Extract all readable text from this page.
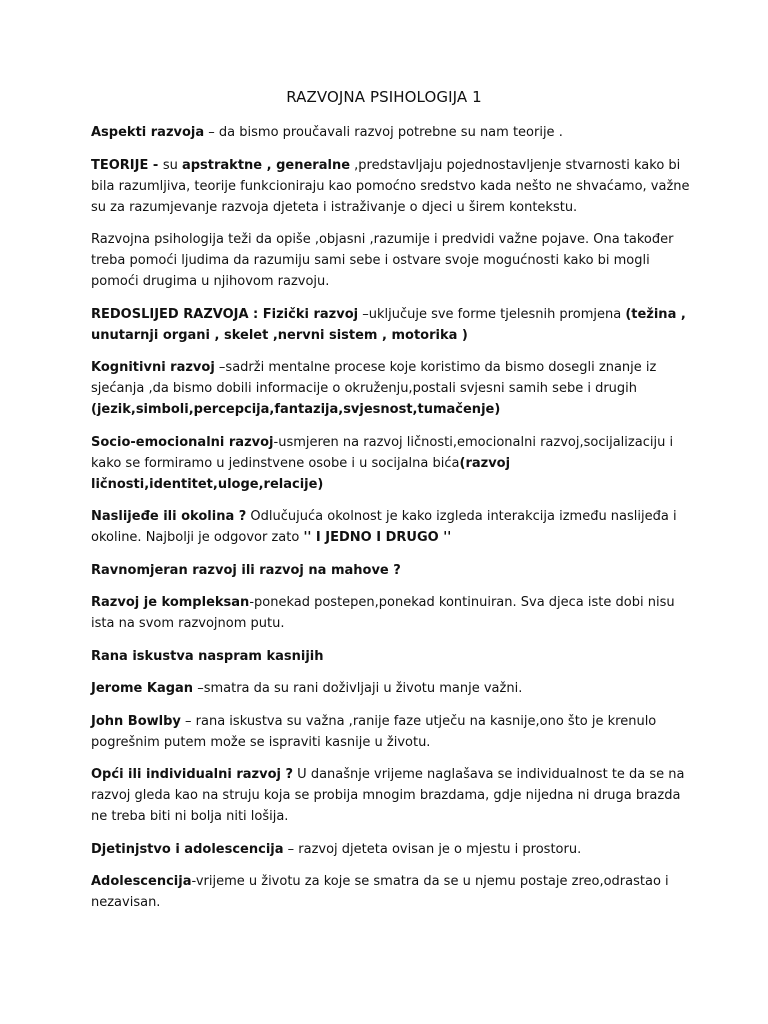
RAZVOJNA PSIHOLOGIJA 1

Aspekti razvoja – da bismo proučavali razvoj potrebne su nam teorije .

TEORIJE - su apstraktne , generalne ,predstavljaju pojednostavljenje stvarnosti kako bi bila razumljiva, teorije funkcioniraju kao pomoćno sredstvo kada nešto ne shvaćamo, važne su za razumjevanje razvoja djeteta i istraživanje o djeci u širem kontekstu.

Razvojna psihologija teži da opiše ,objasni ,razumije i predvidi važne pojave. Ona također treba pomoći ljudima da razumiju sami sebe i ostvare svoje mogućnosti kako bi mogli pomoći drugima u njihovom razvoju.

REDOSLIJED RAZVOJA : Fizički razvoj –uključuje sve forme tjelesnih promjena (težina , unutarnji organi , skelet ,nervni sistem , motorika )

Kognitivni razvoj –sadrži mentalne procese koje koristimo da bismo dosegli znanje iz sjećanja ,da bismo dobili informacije o okruženju,postali svjesni samih sebe i drugih (jezik,simboli,percepcija,fantazija,svjesnost,tumačenje)

Socio-emocionalni razvoj-usmjeren na razvoj ličnosti,emocionalni razvoj,socijalizaciju i kako se formiramo u jedinstvene osobe i u socijalna bića(razvoj ličnosti,identitet,uloge,relacije)

Naslijeđe ili okolina ? Odlučujuća okolnost je kako izgleda interakcija između naslijeđa i okoline. Najbolji je odgovor zato '' I JEDNO I DRUGO ''

Ravnomjeran razvoj ili razvoj na mahove ?

Razvoj je kompleksan-ponekad postepen,ponekad kontinuiran. Sva djeca iste dobi nisu ista na svom razvojnom putu.

Rana iskustva naspram kasnijih

Jerome Kagan –smatra da su rani doživljaji u životu manje važni.

John Bowlby – rana iskustva su važna ,ranije faze utječu na kasnije,ono što je krenulo pogrešnim putem može se ispraviti kasnije u životu.

Opći ili individualni razvoj ? U današnje vrijeme naglašava se individualnost te da se na razvoj gleda kao na struju koja se probija mnogim brazdama, gdje nijedna ni druga brazda ne treba biti ni bolja niti lošija.

Djetinjstvo i adolescencija – razvoj djeteta ovisan je o mjestu i prostoru.

Adolescencija-vrijeme u životu za koje se smatra da se u njemu postaje zreo,odrastao i nezavisan.
